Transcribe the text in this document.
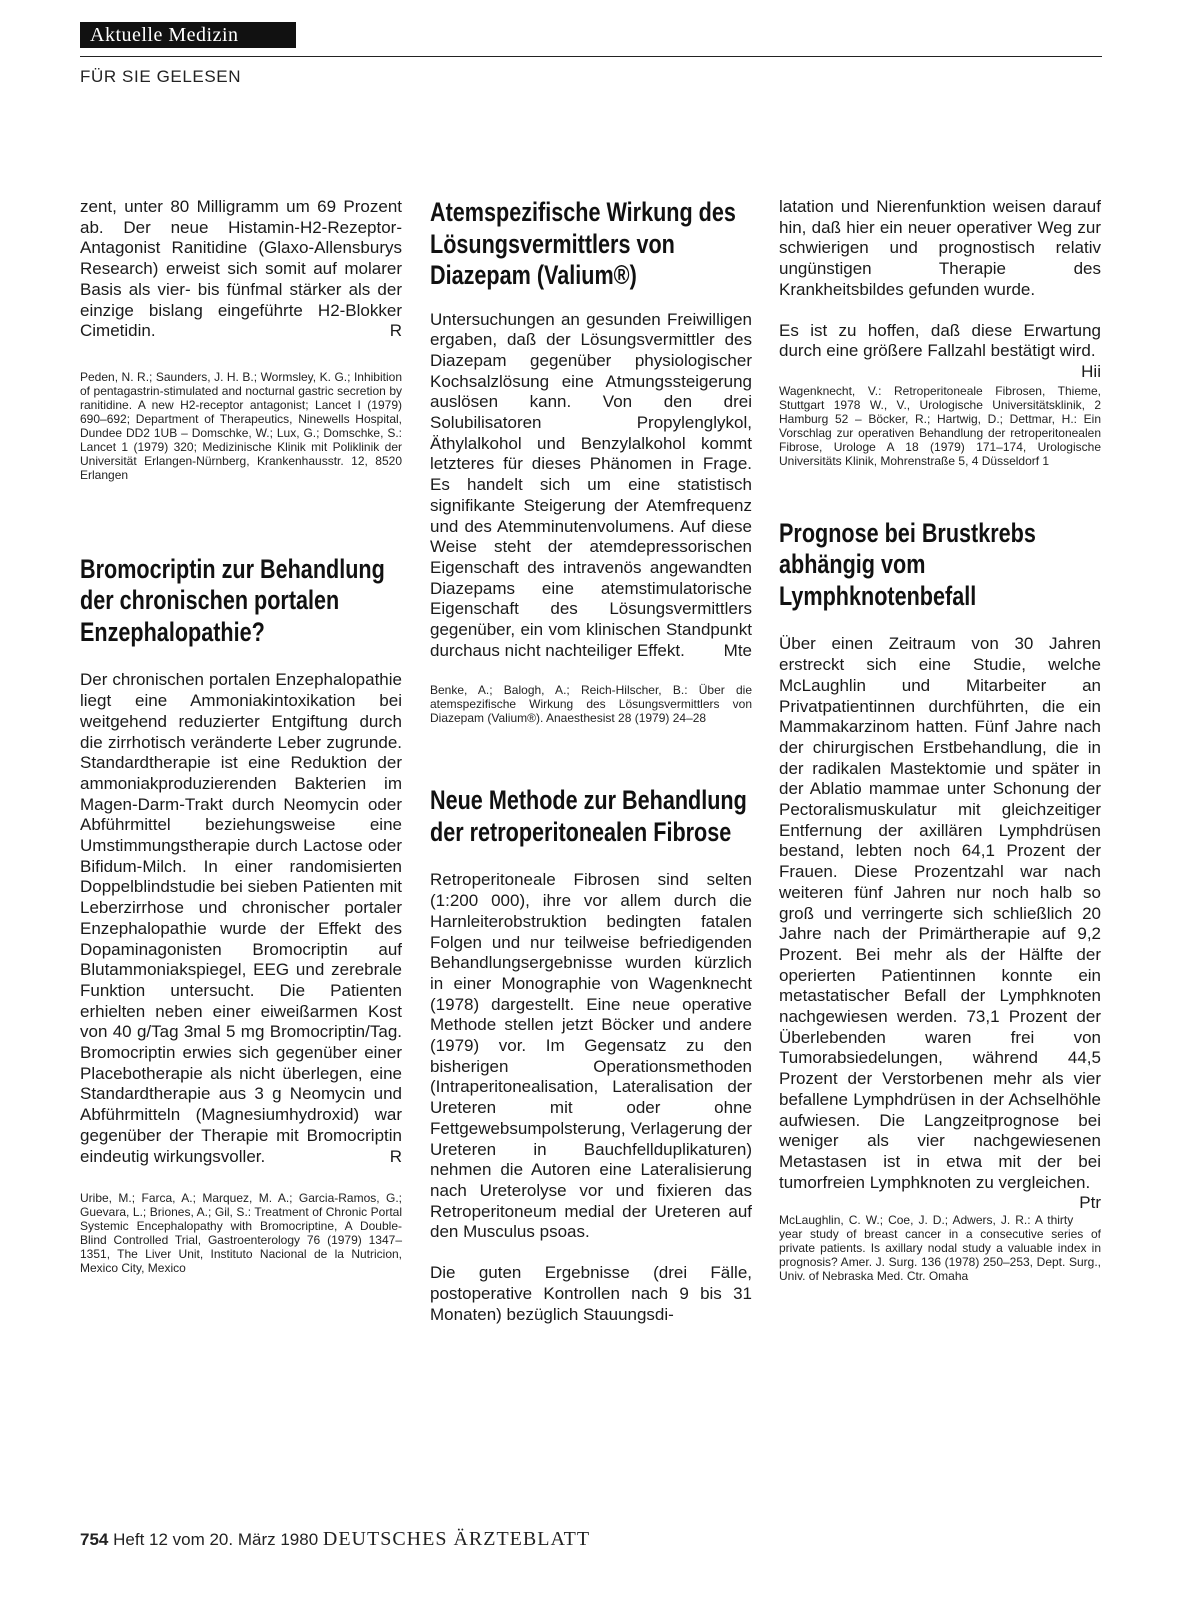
Aktuelle Medizin
FÜR SIE GELESEN

zent, unter 80 Milligramm um 69 Prozent ab. Der neue Histamin-H2-Rezeptor-Antagonist Ranitidine (Glaxo-Allensburys Research) erweist sich somit auf molarer Basis als vier- bis fünfmal stärker als der einzige bislang eingeführte H2-Blokker Cimetidin.	R

Peden, N. R.; Saunders, J. H. B.; Wormsley, K. G.; Inhibition of pentagastrin-stimulated and nocturnal gastric secretion by ranitidine. A new H2-receptor antagonist; Lancet I (1979) 690–692; Department of Therapeutics, Ninewells Hospital, Dundee DD2 1UB – Domschke, W.; Lux, G.; Domschke, S.: Lancet 1 (1979) 320; Medizinische Klinik mit Poliklinik der Universität Erlangen-Nürnberg, Krankenhausstr. 12, 8520 Erlangen

Bromocriptin zur Behandlung der chronischen portalen Enzephalopathie?

Der chronischen portalen Enzephalopathie liegt eine Ammoniakintoxikation bei weitgehend reduzierter Entgiftung durch die zirrhotisch veränderte Leber zugrunde. Standardtherapie ist eine Reduktion der ammoniakproduzierenden Bakterien im Magen-Darm-Trakt durch Neomycin oder Abführmittel beziehungsweise eine Umstimmungstherapie durch Lactose oder Bifidum-Milch. In einer randomisierten Doppelblindstudie bei sieben Patienten mit Leberzirrhose und chronischer portaler Enzephalopathie wurde der Effekt des Dopaminagonisten Bromocriptin auf Blutammoniakspiegel, EEG und zerebrale Funktion untersucht. Die Patienten erhielten neben einer eiweißarmen Kost von 40 g/Tag 3mal 5 mg Bromocriptin/Tag. Bromocriptin erwies sich gegenüber einer Placebotherapie als nicht überlegen, eine Standardtherapie aus 3 g Neomycin und Abführmitteln (Magnesiumhydroxid) war gegenüber der Therapie mit Bromocriptin eindeutig wirkungsvoller.	R

Uribe, M.; Farca, A.; Marquez, M. A.; Garcia-Ramos, G.; Guevara, L.; Briones, A.; Gil, S.: Treatment of Chronic Portal Systemic Encephalopathy with Bromocriptine, A Double-Blind Controlled Trial, Gastroenterology 76 (1979) 1347–1351, The Liver Unit, Instituto Nacional de la Nutricion, Mexico City, Mexico

Atemspezifische Wirkung des Lösungsvermittlers von Diazepam (Valium®)

Untersuchungen an gesunden Freiwilligen ergaben, daß der Lösungsvermittler des Diazepam gegenüber physiologischer Kochsalzlösung eine Atmungssteigerung auslösen kann. Von den drei Solubilisatoren Propylenglykol, Äthylalkohol und Benzylalkohol kommt letzteres für dieses Phänomen in Frage. Es handelt sich um eine statistisch signifikante Steigerung der Atemfrequenz und des Atemminutenvolumens. Auf diese Weise steht der atemdepressorischen Eigenschaft des intravenös angewandten Diazepams eine atemstimulatorische Eigenschaft des Lösungsvermittlers gegenüber, ein vom klinischen Standpunkt durchaus nicht nachteiliger Effekt.	Mte

Benke, A.; Balogh, A.; Reich-Hilscher, B.: Über die atemspezifische Wirkung des Lösungsvermittlers von Diazepam (Valium®). Anaesthesist 28 (1979) 24–28

Neue Methode zur Behandlung der retroperitonealen Fibrose

Retroperitoneale Fibrosen sind selten (1:200 000), ihre vor allem durch die Harnleiterobstruktion bedingten fatalen Folgen und nur teilweise befriedigenden Behandlungsergebnisse wurden kürzlich in einer Monographie von Wagenknecht (1978) dargestellt. Eine neue operative Methode stellen jetzt Böcker und andere (1979) vor. Im Gegensatz zu den bisherigen Operationsmethoden (Intraperitonealisation, Lateralisation der Ureteren mit oder ohne Fettgewebsumpolsterung, Verlagerung der Ureteren in Bauchfellduplikaturen) nehmen die Autoren eine Lateralisierung nach Ureterolyse vor und fixieren das Retroperitoneum medial der Ureteren auf den Musculus psoas.

Die guten Ergebnisse (drei Fälle, postoperative Kontrollen nach 9 bis 31 Monaten) bezüglich Stauungsdi-

latation und Nierenfunktion weisen darauf hin, daß hier ein neuer operativer Weg zur schwierigen und prognostisch relativ ungünstigen Therapie des Krankheitsbildes gefunden wurde.

Es ist zu hoffen, daß diese Erwartung durch eine größere Fallzahl bestätigt wird.
Hii

Wagenknecht, V.: Retroperitoneale Fibrosen, Thieme, Stuttgart 1978 W., V., Urologische Universitätsklinik, 2 Hamburg 52 – Böcker, R.; Hartwig, D.; Dettmar, H.: Ein Vorschlag zur operativen Behandlung der retroperitonealen Fibrose, Urologe A 18 (1979) 171–174, Urologische Universitäts Klinik, Mohrenstraße 5, 4 Düsseldorf 1

Prognose bei Brustkrebs abhängig vom Lymphknotenbefall

Über einen Zeitraum von 30 Jahren erstreckt sich eine Studie, welche McLaughlin und Mitarbeiter an Privatpatientinnen durchführten, die ein Mammakarzinom hatten. Fünf Jahre nach der chirurgischen Erstbehandlung, die in der radikalen Mastektomie und später in der Ablatio mammae unter Schonung der Pectoralismuskulatur mit gleichzeitiger Entfernung der axillären Lymphdrüsen bestand, lebten noch 64,1 Prozent der Frauen. Diese Prozentzahl war nach weiteren fünf Jahren nur noch halb so groß und verringerte sich schließlich 20 Jahre nach der Primärtherapie auf 9,2 Prozent. Bei mehr als der Hälfte der operierten Patientinnen konnte ein metastatischer Befall der Lymphknoten nachgewiesen werden. 73,1 Prozent der Überlebenden waren frei von Tumorabsiedelungen, während 44,5 Prozent der Verstorbenen mehr als vier befallene Lymphdrüsen in der Achselhöhle aufwiesen. Die Langzeitprognose bei weniger als vier nachgewiesenen Metastasen ist in etwa mit der bei tumorfreien Lymphknoten zu vergleichen.
Ptr

McLaughlin, C. W.; Coe, J. D.; Adwers, J. R.: A thirty year study of breast cancer in a consecutive series of private patients. Is axillary nodal study a valuable index in prognosis? Amer. J. Surg. 136 (1978) 250–253, Dept. Surg., Univ. of Nebraska Med. Ctr. Omaha

754 Heft 12 vom 20. März 1980 DEUTSCHES ÄRZTEBLATT
